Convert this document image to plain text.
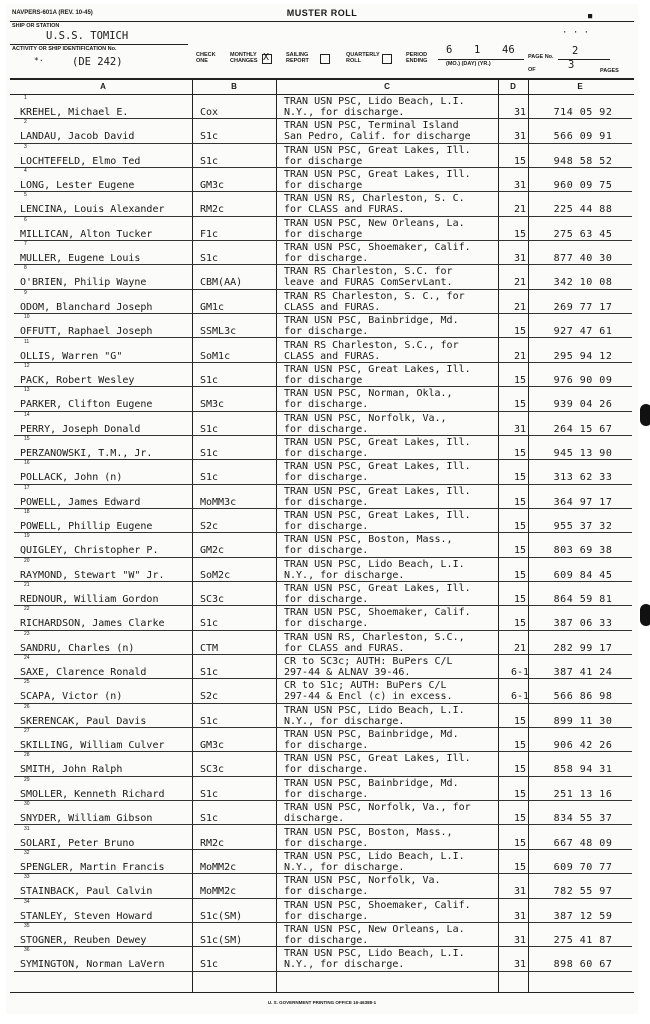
NAVPERS-601A (REV. 10-45)	MUSTER ROLL	■
SHIP OR STATION
U.S.S. TOMICH
ACTIVITY OR SHIP IDENTIFICATION No.
*·	(DE 242)
CHECK ONE
MONTHLY CHANGES X	SAILING REPORT
QUARTERLY ROLL
PERIOD ENDING
6 1 46
(MO.) (DAY) (YR.)
PAGE No. 2
OF	3	PAGES
· · ·
A	B	C	D	E
1
KREHEL, Michael E.	Cox
TRAN USN PSC, Lido Beach, L.I.
N.Y., for discharge.	31	714 05 92
2
LANDAU, Jacob David	S1c
TRAN USN PSC, Terminal Island
San Pedro, Calif. for discharge	31	566 09 91
3
LOCHTEFELD, Elmo Ted	S1c
TRAN USN PSC, Great Lakes, Ill.
for discharge	15	948 58 52
4
LONG, Lester Eugene	GM3c
TRAN USN PSC, Great Lakes, Ill.
for discharge	31	960 09 75
5
LENCINA, Louis Alexander	RM2c
TRAN USN RS, Charleston, S. C.
for CLASS and FURAS.	21	225 44 88
6
MILLICAN, Alton Tucker	F1c
TRAN USN PSC, New Orleans, La.
for discharge	15	275 63 45
7
MULLER, Eugene Louis	S1c
TRAN USN PSC, Shoemaker, Calif.
for discharge.	31	877 40 30
8
O'BRIEN, Philip Wayne	CBM(AA)
TRAN RS Charleston, S.C. for
leave and FURAS ComServLant.	21	342 10 08
9
ODOM, Blanchard Joseph	GM1c
TRAN RS Charleston, S. C., for
CLASS and FURAS.	21	269 77 17
10
OFFUTT, Raphael Joseph	SSML3c
TRAN USN PSC, Bainbridge, Md.
for discharge.	15	927 47 61
11
OLLIS, Warren "G"	SoM1c
TRAN RS Charleston, S.C., for
CLASS and FURAS.	21	295 94 12
12
PACK, Robert Wesley	S1c
TRAN USN PSC, Great Lakes, Ill.
for discharge	15	976 90 09
13
PARKER, Clifton Eugene	SM3c
TRAN USN PSC, Norman, Okla.,
for discharge.	15	939 04 26
14
PERRY, Joseph Donald	S1c
TRAN USN PSC, Norfolk, Va.,
for discharge.	31	264 15 67
15
PERZANOWSKI, T.M., Jr.	S1c
TRAN USN PSC, Great Lakes, Ill.
for discharge.	15	945 13 90
16
POLLACK, John (n)	S1c
TRAN USN PSC, Great Lakes, Ill.
for discharge.	15	313 62 33
17
POWELL, James Edward	MoMM3c
TRAN USN PSC, Great Lakes, Ill.
for discharge.	15	364 97 17
18
POWELL, Phillip Eugene	S2c
TRAN USN PSC, Great Lakes, Ill.
for discharge.	15	955 37 32
19
QUIGLEY, Christopher P.	GM2c
TRAN USN PSC, Boston, Mass.,
for discharge.	15	803 69 38
20
RAYMOND, Stewart "W" Jr.	SoM2c
TRAN USN PSC, Lido Beach, L.I.
N.Y., for discharge.	15	609 84 45
21
REDNOUR, William Gordon	SC3c
TRAN USN PSC, Great Lakes, Ill.
for discharge.	15	864 59 81
22
RICHARDSON, James Clarke	S1c
TRAN USN PSC, Shoemaker, Calif.
for discharge.	15	387 06 33
23
SANDRU, Charles (n)	CTM
TRAN USN RS, Charleston, S.C.,
for CLASS and FURAS.	21	282 99 17
24
SAXE, Clarence Ronald	S1c
CR to SC3c; AUTH: BuPers C/L
297-44 & ALNAV 39-46.	6-1	387 41 24
25
SCAPA, Victor (n)	S2c
CR to S1c; AUTH: BuPers C/L
297-44 & Encl (c) in excess.	6-1	566 86 98
26
SKERENCAK, Paul Davis	S1c
TRAN USN PSC, Lido Beach, L.I.
N.Y., for discharge.	15	899 11 30
27
SKILLING, William Culver	GM3c
TRAN USN PSC, Bainbridge, Md.
for discharge.	15	906 42 26
28
SMITH, John Ralph	SC3c
TRAN USN PSC, Great Lakes, Ill.
for discharge.	15	858 94 31
29
SMOLLER, Kenneth Richard	S1c
TRAN USN PSC, Bainbridge, Md.
for discharge.	15	251 13 16
30
SNYDER, William Gibson	S1c
TRAN USN PSC, Norfolk, Va., for
discharge.	15	834 55 37
31
SOLARI, Peter Bruno	RM2c
TRAN USN PSC, Boston, Mass.,
for discharge.	15	667 48 09
32
SPENGLER, Martin Francis	MoMM2c
TRAN USN PSC, Lido Beach, L.I.
N.Y., for discharge.	15	609 70 77
33
STAINBACK, Paul Calvin	MoMM2c
TRAN USN PSC, Norfolk, Va.
for discharge.	31	782 55 97
34
STANLEY, Steven Howard	S1c(SM)
TRAN USN PSC, Shoemaker, Calif.
for discharge.	31	387 12 59
35
STOGNER, Reuben Dewey	S1c(SM)
TRAN USN PSC, New Orleans, La.
for discharge.	31	275 41 87
36
SYMINGTON, Norman LaVern	S1c
TRAN USN PSC, Lido Beach, L.I.
N.Y., for discharge.	31	898 60 67
U. S. GOVERNMENT PRINTING OFFICE 16-46388-1
